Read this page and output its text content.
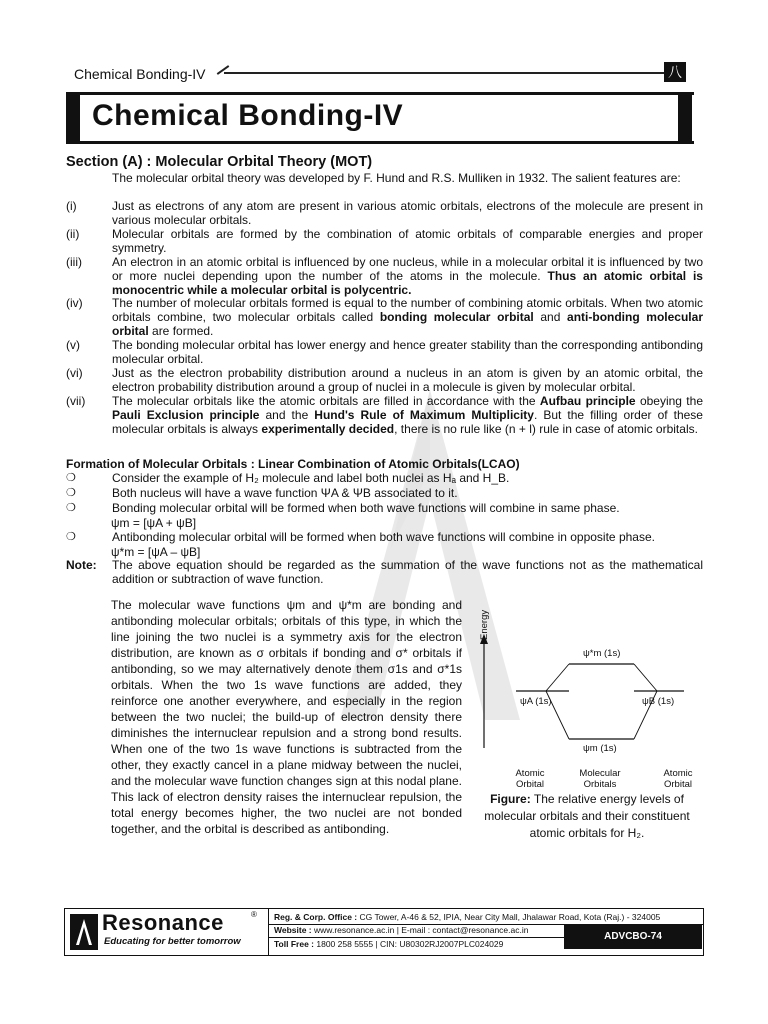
Chemical Bonding-IV	八
Chemical Bonding-IV
Section (A) : Molecular Orbital Theory (MOT)
The molecular orbital theory was developed by F. Hund and R.S. Mulliken in 1932. The salient features are:
(i)	Just as electrons of any atom are present in various atomic orbitals, electrons of the molecule are present in various molecular orbitals.
(ii)	Molecular orbitals are formed by the combination of atomic orbitals of comparable energies and proper symmetry.
(iii)	An electron in an atomic orbital is influenced by one nucleus, while in a molecular orbital it is influenced by two or more nuclei depending upon the number of the atoms in the molecule. Thus an atomic orbital is monocentric while a molecular orbital is polycentric.
(iv) The number of molecular orbitals formed is equal to the number of combining atomic orbitals. When two atomic orbitals combine, two molecular orbitals called bonding molecular orbital and anti-bonding molecular orbital are formed.
(v)	The bonding molecular orbital has lower energy and hence greater stability than the corresponding antibonding molecular orbital.
(vi) Just as the electron probability distribution around a nucleus in an atom is given by an atomic orbital, the electron probability distribution around a group of nuclei in a molecule is given by molecular orbital.
(vii) The molecular orbitals like the atomic orbitals are filled in accordance with the Aufbau principle obeying the Pauli Exclusion principle and the Hund's Rule of Maximum Multiplicity. But the filling order of these molecular orbitals is always experimentally decided, there is no rule like (n + l) rule in case of atomic orbitals.
Formation of Molecular Orbitals : Linear Combination of Atomic Orbitals(LCAO)
❍	Consider the example of H₂ molecule and label both nuclei as Hₐ and H_B.
❍	Both nucleus will have a wave function ΨA & ΨB associated to it.
❍	Bonding molecular orbital will be formed when both wave functions will combine in same phase.
ψm = [ψA + ψB]
❍	Antibonding molecular orbital will be formed when both wave functions will combine in opposite phase.
ψ*m = [ψA – ψB]
Note: The above equation should be regarded as the summation of the wave functions not as the mathematical addition or subtraction of wave function.
The molecular wave functions ψm and ψ*m are bonding and antibonding molecular orbitals; orbitals of this type, in which the line joining the two nuclei is a symmetry axis for the electron distribution, are known as σ orbitals if bonding and σ* orbitals if antibonding, so we may alternatively denote them σ1s and σ*1s orbitals. When the two 1s wave functions are added, they reinforce one another everywhere, and especially in the region between the two nuclei; the build-up of electron density there diminishes the internuclear repulsion and a strong bond results. When one of the two 1s wave functions is subtracted from the other, they exactly cancel in a plane midway between the nuclei, and the molecular wave function changes sign at this nodal plane. This lack of electron density raises the internuclear repulsion, the total energy becomes higher, the two nuclei are not bonded together, and the orbital is described as antibonding.
Energy
ψ*m (1s)
ψA (1s)	ψB (1s)
ψm (1s)
Atomic
Orbital
Molecular
Orbitals
Atomic
Orbital
Figure: The relative energy levels of molecular orbitals and their constituent atomic orbitals for H₂.
Resonance	®
Educating for better tomorrow
Reg. & Corp. Office : CG Tower, A-46 & 52, IPIA, Near City Mall, Jhalawar Road, Kota (Raj.) - 324005
Website : www.resonance.ac.in | E-mail : contact@resonance.ac.in
Toll Free : 1800 258 5555 | CIN: U80302RJ2007PLC024029
ADVCBO-74
